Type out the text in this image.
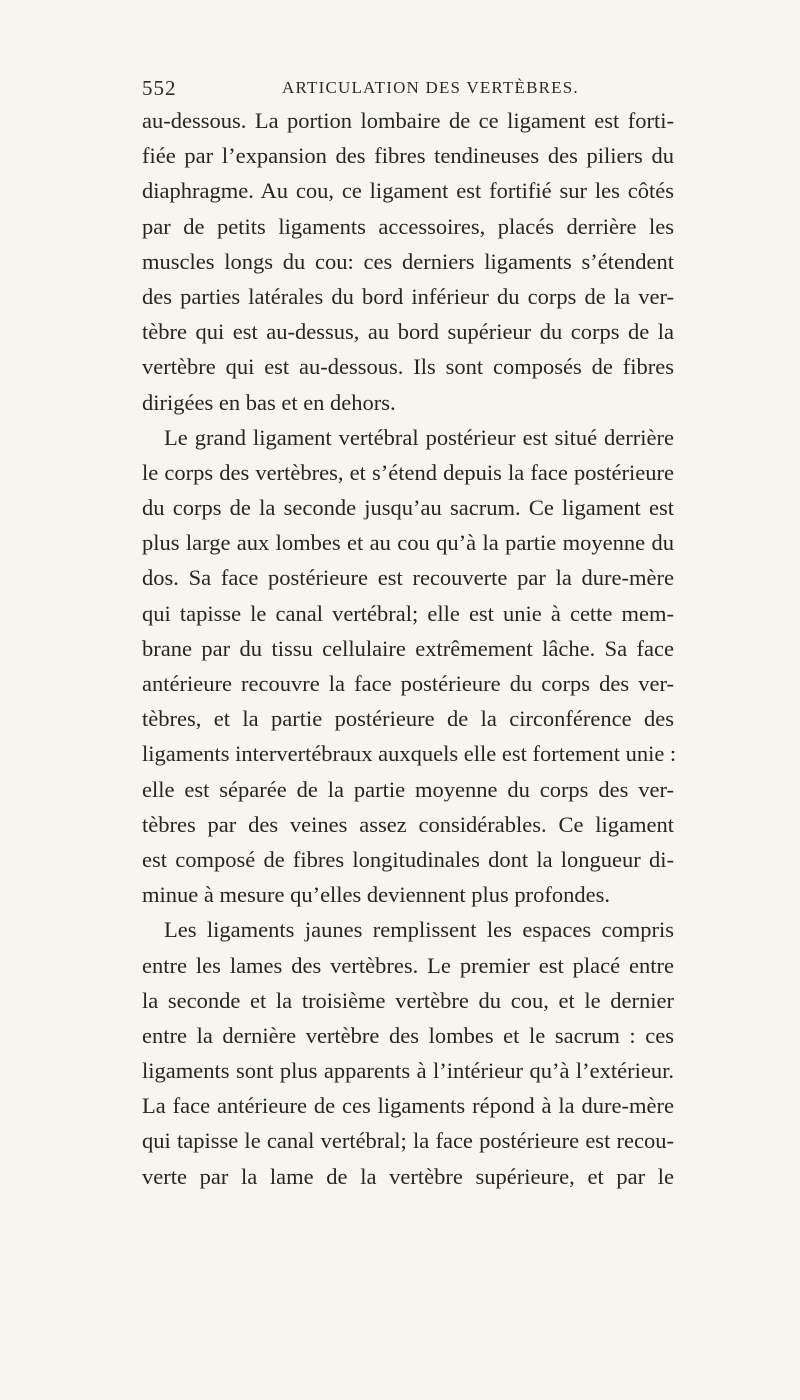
552	ARTICULATION DES VERTÈBRES.
au-dessous. La portion lombaire de ce ligament est forti-
fiée par l’expansion des fibres tendineuses des piliers du
diaphragme. Au cou, ce ligament est fortifié sur les côtés
par de petits ligaments accessoires, placés derrière les
muscles longs du cou: ces derniers ligaments s’étendent
des parties latérales du bord inférieur du corps de la ver-
tèbre qui est au-dessus, au bord supérieur du corps de la
vertèbre qui est au-dessous. Ils sont composés de fibres
dirigées en bas et en dehors.
Le grand ligament vertébral postérieur est situé derrière
le corps des vertèbres, et s’étend depuis la face postérieure
du corps de la seconde jusqu’au sacrum. Ce ligament est
plus large aux lombes et au cou qu’à la partie moyenne du
dos. Sa face postérieure est recouverte par la dure-mère
qui tapisse le canal vertébral; elle est unie à cette mem-
brane par du tissu cellulaire extrêmement lâche. Sa face
antérieure recouvre la face postérieure du corps des ver-
tèbres, et la partie postérieure de la circonférence des
ligaments intervertébraux auxquels elle est fortement unie :
elle est séparée de la partie moyenne du corps des ver-
tèbres par des veines assez considérables. Ce ligament
est composé de fibres longitudinales dont la longueur di-
minue à mesure qu’elles deviennent plus profondes.
Les ligaments jaunes remplissent les espaces compris
entre les lames des vertèbres. Le premier est placé entre
la seconde et la troisième vertèbre du cou, et le dernier
entre la dernière vertèbre des lombes et le sacrum : ces
ligaments sont plus apparents à l’intérieur qu’à l’extérieur.
La face antérieure de ces ligaments répond à la dure-mère
qui tapisse le canal vertébral; la face postérieure est recou-
verte par la lame de la vertèbre supérieure, et par le
